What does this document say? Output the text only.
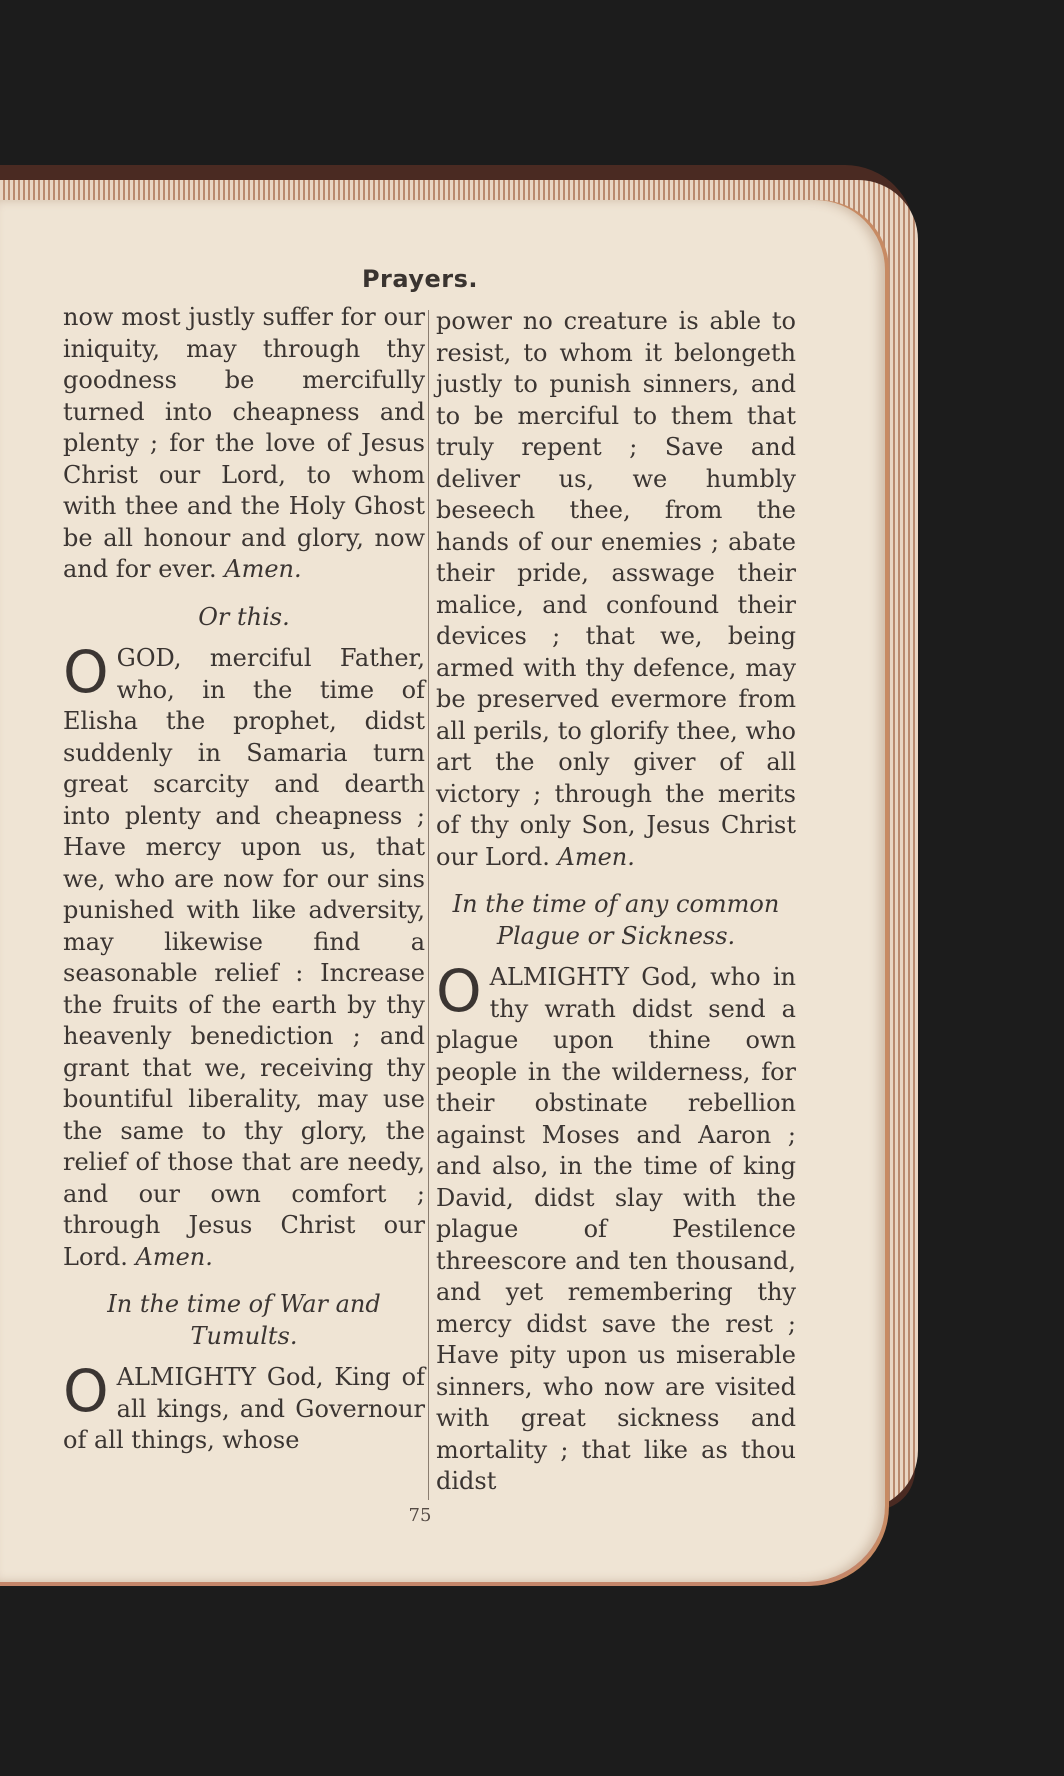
Prayers.

now most justly suffer for our iniquity, may through thy goodness be mercifully turned into cheapness and plenty ; for the love of Jesus Christ our Lord, to whom with thee and the Holy Ghost be all honour and glory, now and for ever. Amen.

Or this.

O GOD, merciful Father, who, in the time of Elisha the prophet, didst suddenly in Samaria turn great scarcity and dearth into plenty and cheapness ; Have mercy upon us, that we, who are now for our sins punished with like adversity, may likewise find a seasonable relief : Increase the fruits of the earth by thy heavenly benediction ; and grant that we, receiving thy bountiful liberality, may use the same to thy glory, the relief of those that are needy, and our own comfort ; through Jesus Christ our Lord. Amen.

In the time of War and Tumults.

O ALMIGHTY God, King of all kings, and Governour of all things, whose

power no creature is able to resist, to whom it belongeth justly to punish sinners, and to be merciful to them that truly repent ; Save and deliver us, we humbly beseech thee, from the hands of our enemies ; abate their pride, asswage their malice, and confound their devices ; that we, being armed with thy defence, may be preserved evermore from all perils, to glorify thee, who art the only giver of all victory ; through the merits of thy only Son, Jesus Christ our Lord. Amen.

In the time of any common Plague or Sickness.

O ALMIGHTY God, who in thy wrath didst send a plague upon thine own people in the wilderness, for their obstinate rebellion against Moses and Aaron ; and also, in the time of king David, didst slay with the plague of Pestilence threescore and ten thousand, and yet remembering thy mercy didst save the rest ; Have pity upon us miserable sinners, who now are visited with great sickness and mortality ; that like as thou didst

75
